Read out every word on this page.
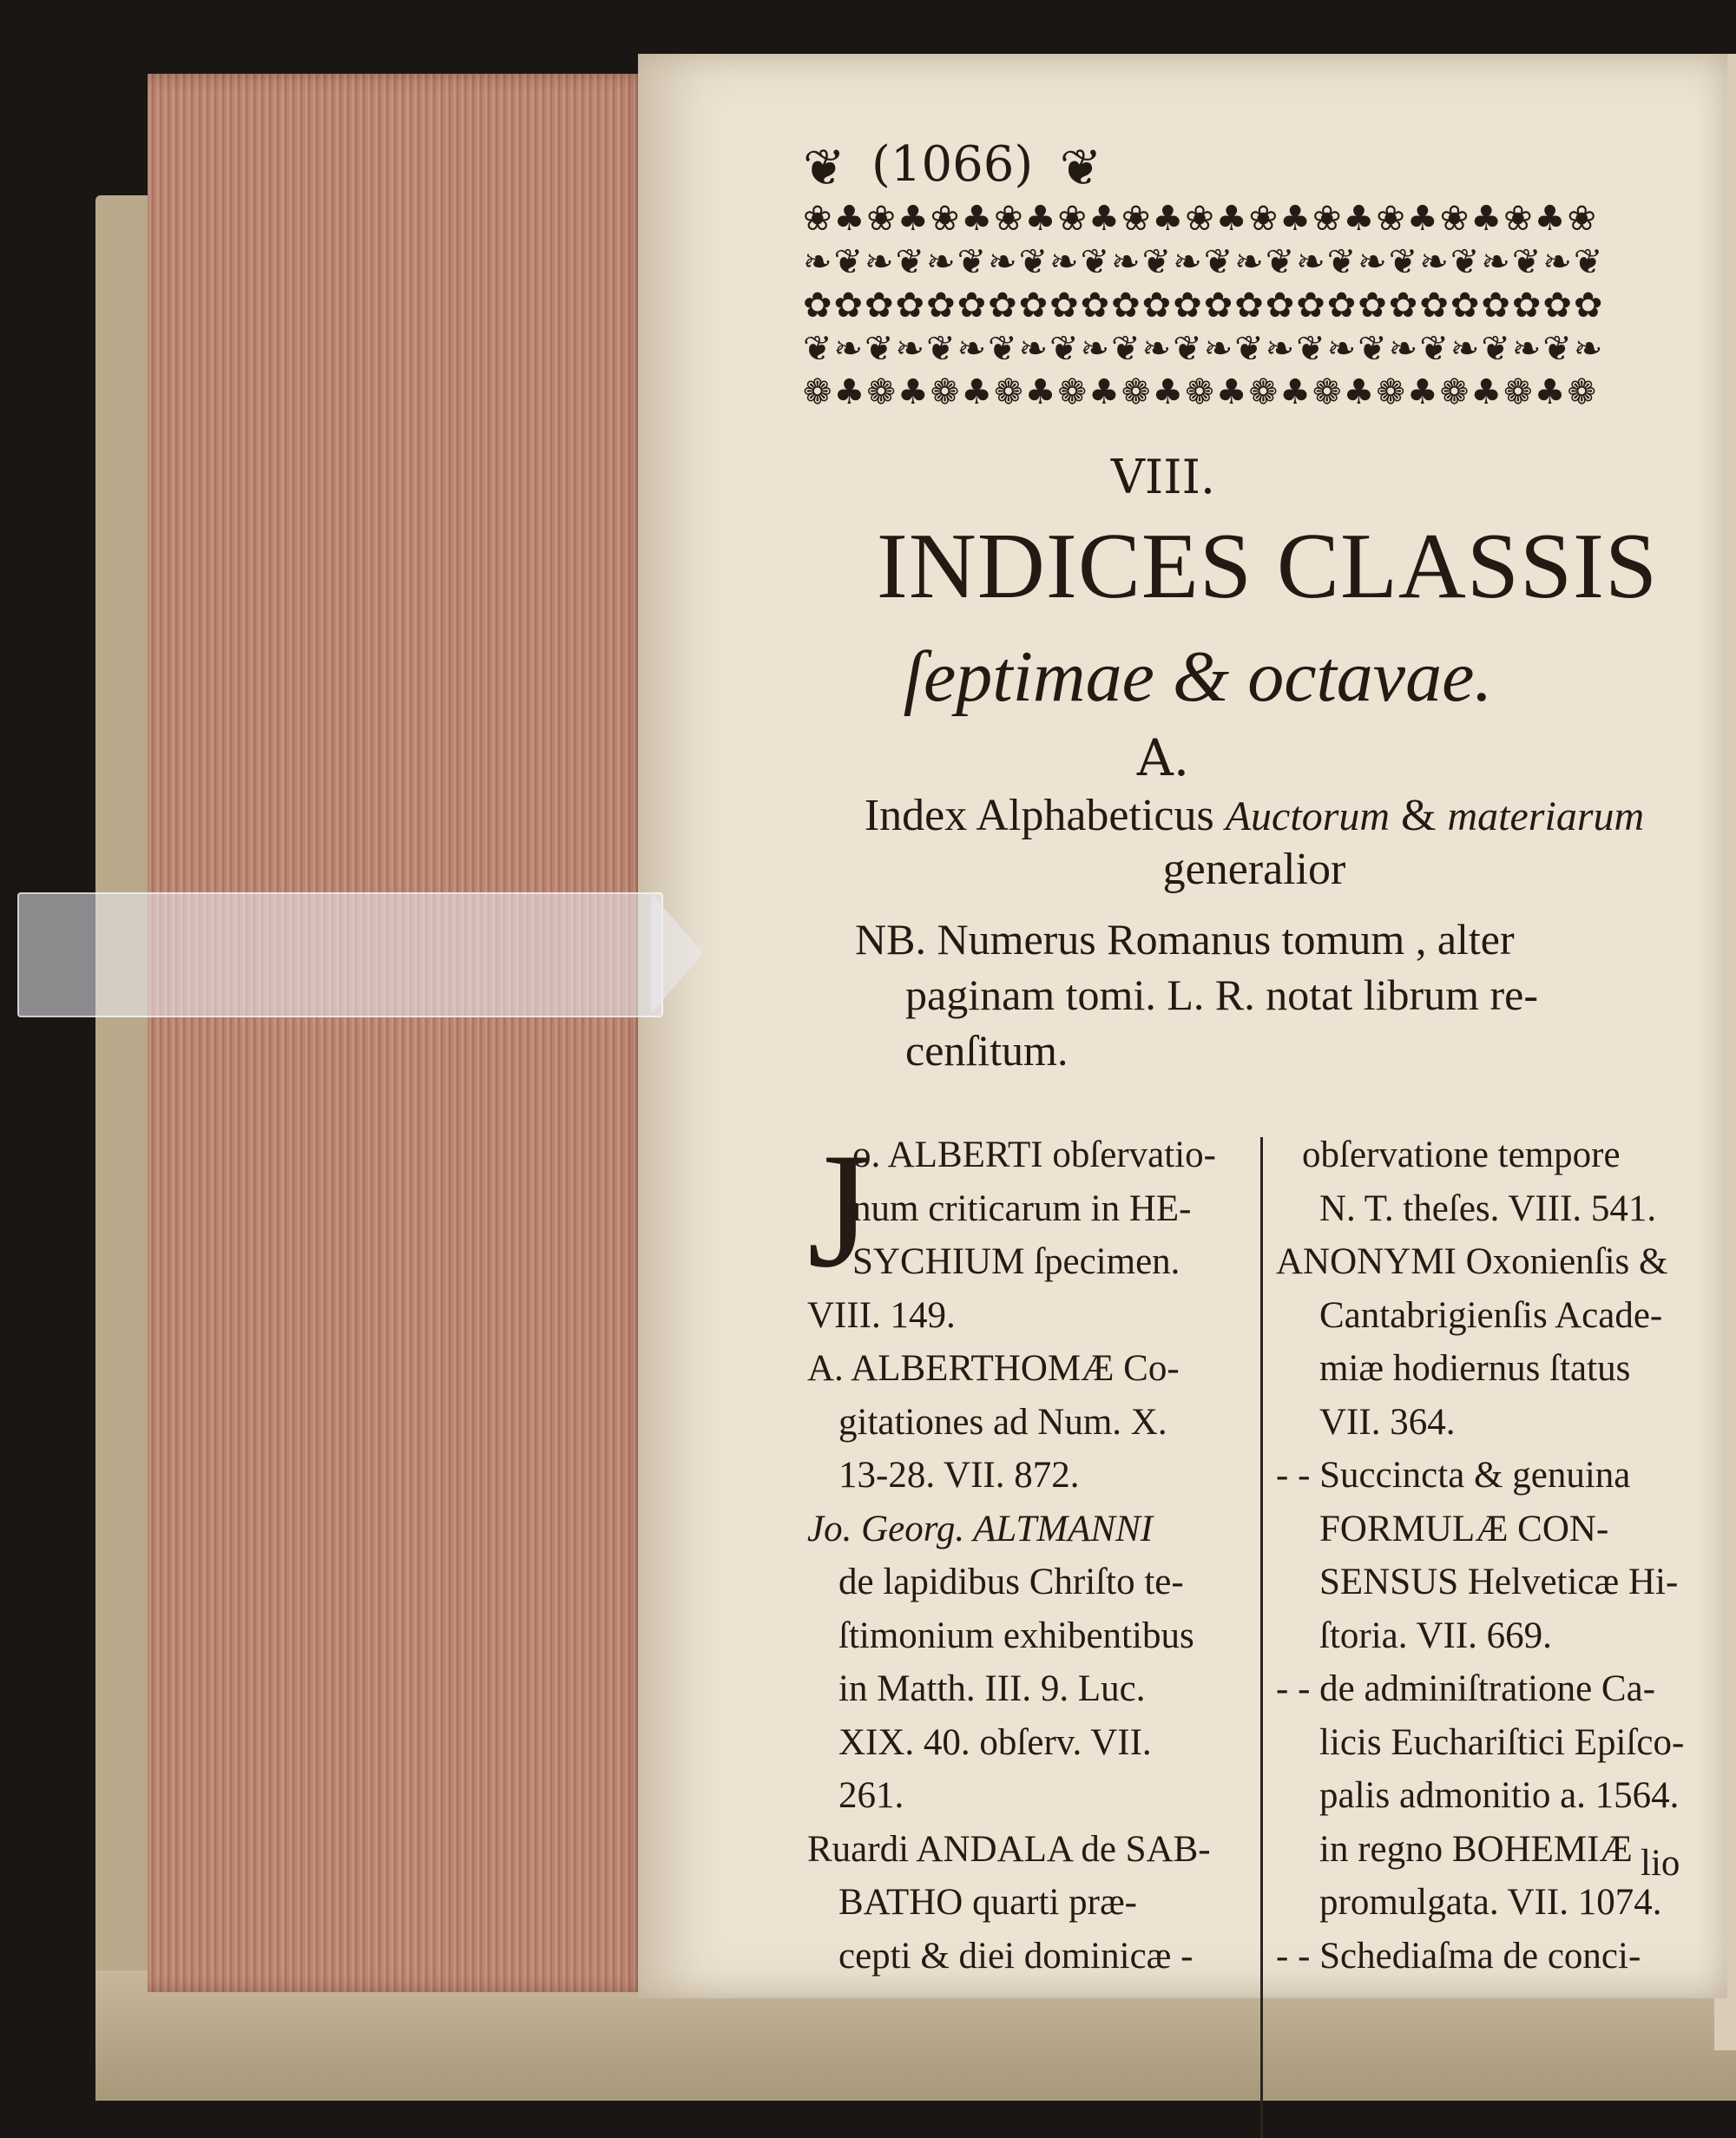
❦ (1066) ❦
❀♣❀♣❀♣❀♣❀♣❀♣❀♣❀♣❀♣❀♣❀♣❀♣❀
❧❦❧❦❧❦❧❦❧❦❧❦❧❦❧❦❧❦❧❦❧❦❧❦❧❦
✿✿✿✿✿✿✿✿✿✿✿✿✿✿✿✿✿✿✿✿✿✿✿✿✿✿
❦❧❦❧❦❧❦❧❦❧❦❧❦❧❦❧❦❧❦❧❦❧❦❧❦❧
❁♣❁♣❁♣❁♣❁♣❁♣❁♣❁♣❁♣❁♣❁♣❁♣❁
VIII.
INDICES CLASSIS
ſeptimae & octavae.
A.
Index Alphabeticus Auctorum & materiarum
generalior
NB. Numerus Romanus tomum , alter
paginam tomi. L. R. notat librum re-
cenſitum.
J
o. ALBERTI obſervatio-
num criticarum in HE-
SYCHIUM ſpecimen.
VIII. 149.
A. ALBERTHOMÆ Co-
gitationes ad Num. X.
13-28. VII. 872.
Jo. Georg. ALTMANNI
de lapidibus Chriſto te-
ſtimonium exhibentibus
in Matth. III. 9. Luc.
XIX. 40. obſerv. VII.
261.
Ruardi ANDALA de SAB-
BATHO quarti præ-
cepti & diei dominicæ -
obſervatione tempore
N. T. theſes. VIII. 541.
ANONYMI Oxonienſis &
Cantabrigienſis Acade-
miæ hodiernus ſtatus
VII. 364.
- - Succincta & genuina
FORMULÆ CON-
SENSUS Helveticæ Hi-
ſtoria. VII. 669.
- - de adminiſtratione Ca-
licis Euchariſtici Epiſco-
palis admonitio a. 1564.
in regno BOHEMIÆ
promulgata. VII. 1074.
- - Schediaſma de conci-
lio
